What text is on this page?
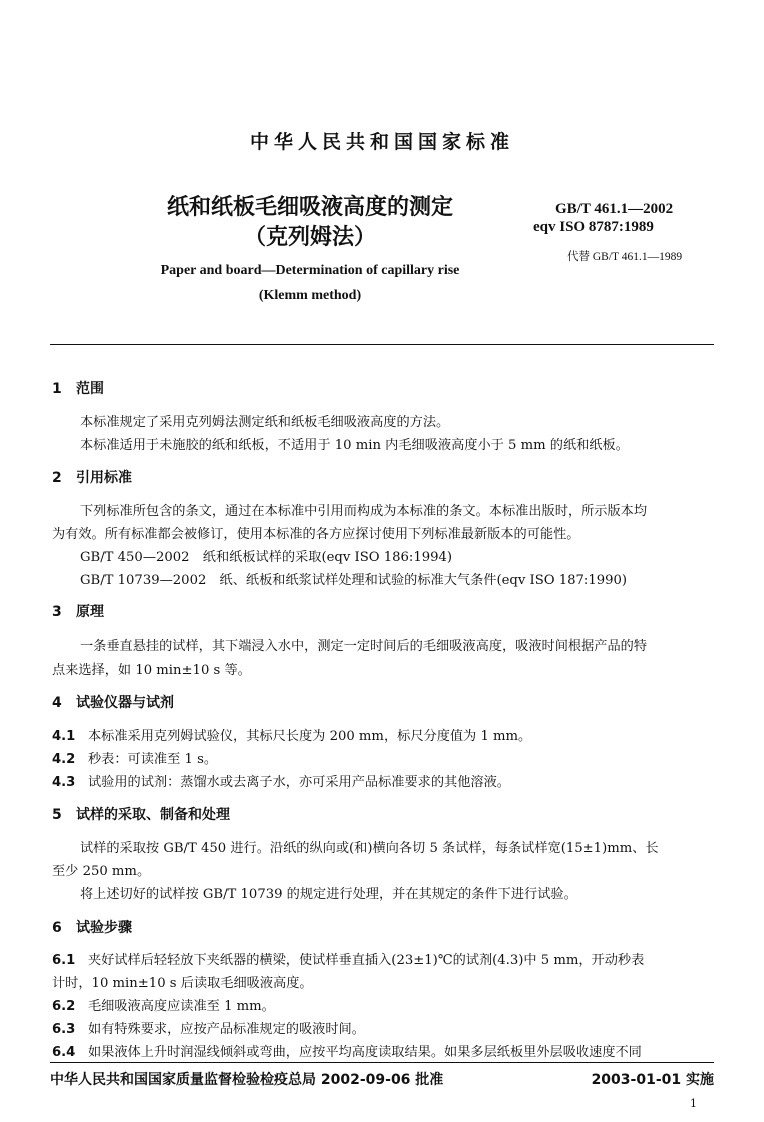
中华人民共和国国家标准
纸和纸板毛细吸液高度的测定
（克列姆法）
GB/T 461.1—2002
eqv ISO 8787:1989
代替 GB/T 461.1—1989
Paper and board—Determination of capillary rise
(Klemm method)
1 范围
本标准规定了采用克列姆法测定纸和纸板毛细吸液高度的方法。
本标准适用于未施胶的纸和纸板，不适用于 10 min 内毛细吸液高度小于 5 mm 的纸和纸板。
2 引用标准
下列标准所包含的条文，通过在本标准中引用而构成为本标准的条文。本标准出版时，所示版本均
为有效。所有标准都会被修订，使用本标准的各方应探讨使用下列标准最新版本的可能性。
GB/T 450—2002　纸和纸板试样的采取(eqv ISO 186:1994)
GB/T 10739—2002　纸、纸板和纸浆试样处理和试验的标准大气条件(eqv ISO 187:1990)
3 原理
一条垂直悬挂的试样，其下端浸入水中，测定一定时间后的毛细吸液高度，吸液时间根据产品的特
点来选择，如 10 min±10 s 等。
4 试验仪器与试剂
4.1 本标准采用克列姆试验仪，其标尺长度为 200 mm，标尺分度值为 1 mm。
4.2 秒表：可读准至 1 s。
4.3 试验用的试剂：蒸馏水或去离子水，亦可采用产品标准要求的其他溶液。
5 试样的采取、制备和处理
试样的采取按 GB/T 450 进行。沿纸的纵向或(和)横向各切 5 条试样，每条试样宽(15±1)mm、长
至少 250 mm。
将上述切好的试样按 GB/T 10739 的规定进行处理，并在其规定的条件下进行试验。
6 试验步骤
6.1 夹好试样后轻轻放下夹纸器的横梁，使试样垂直插入(23±1)℃的试剂(4.3)中 5 mm，开动秒表
计时，10 min±10 s 后读取毛细吸液高度。
6.2 毛细吸液高度应读准至 1 mm。
6.3 如有特殊要求，应按产品标准规定的吸液时间。
6.4 如果液体上升时润湿线倾斜或弯曲，应按平均高度读取结果。如果多层纸板里外层吸收速度不同
中华人民共和国国家质量监督检验检疫总局 2002-09-06 批准	2003-01-01 实施
1
